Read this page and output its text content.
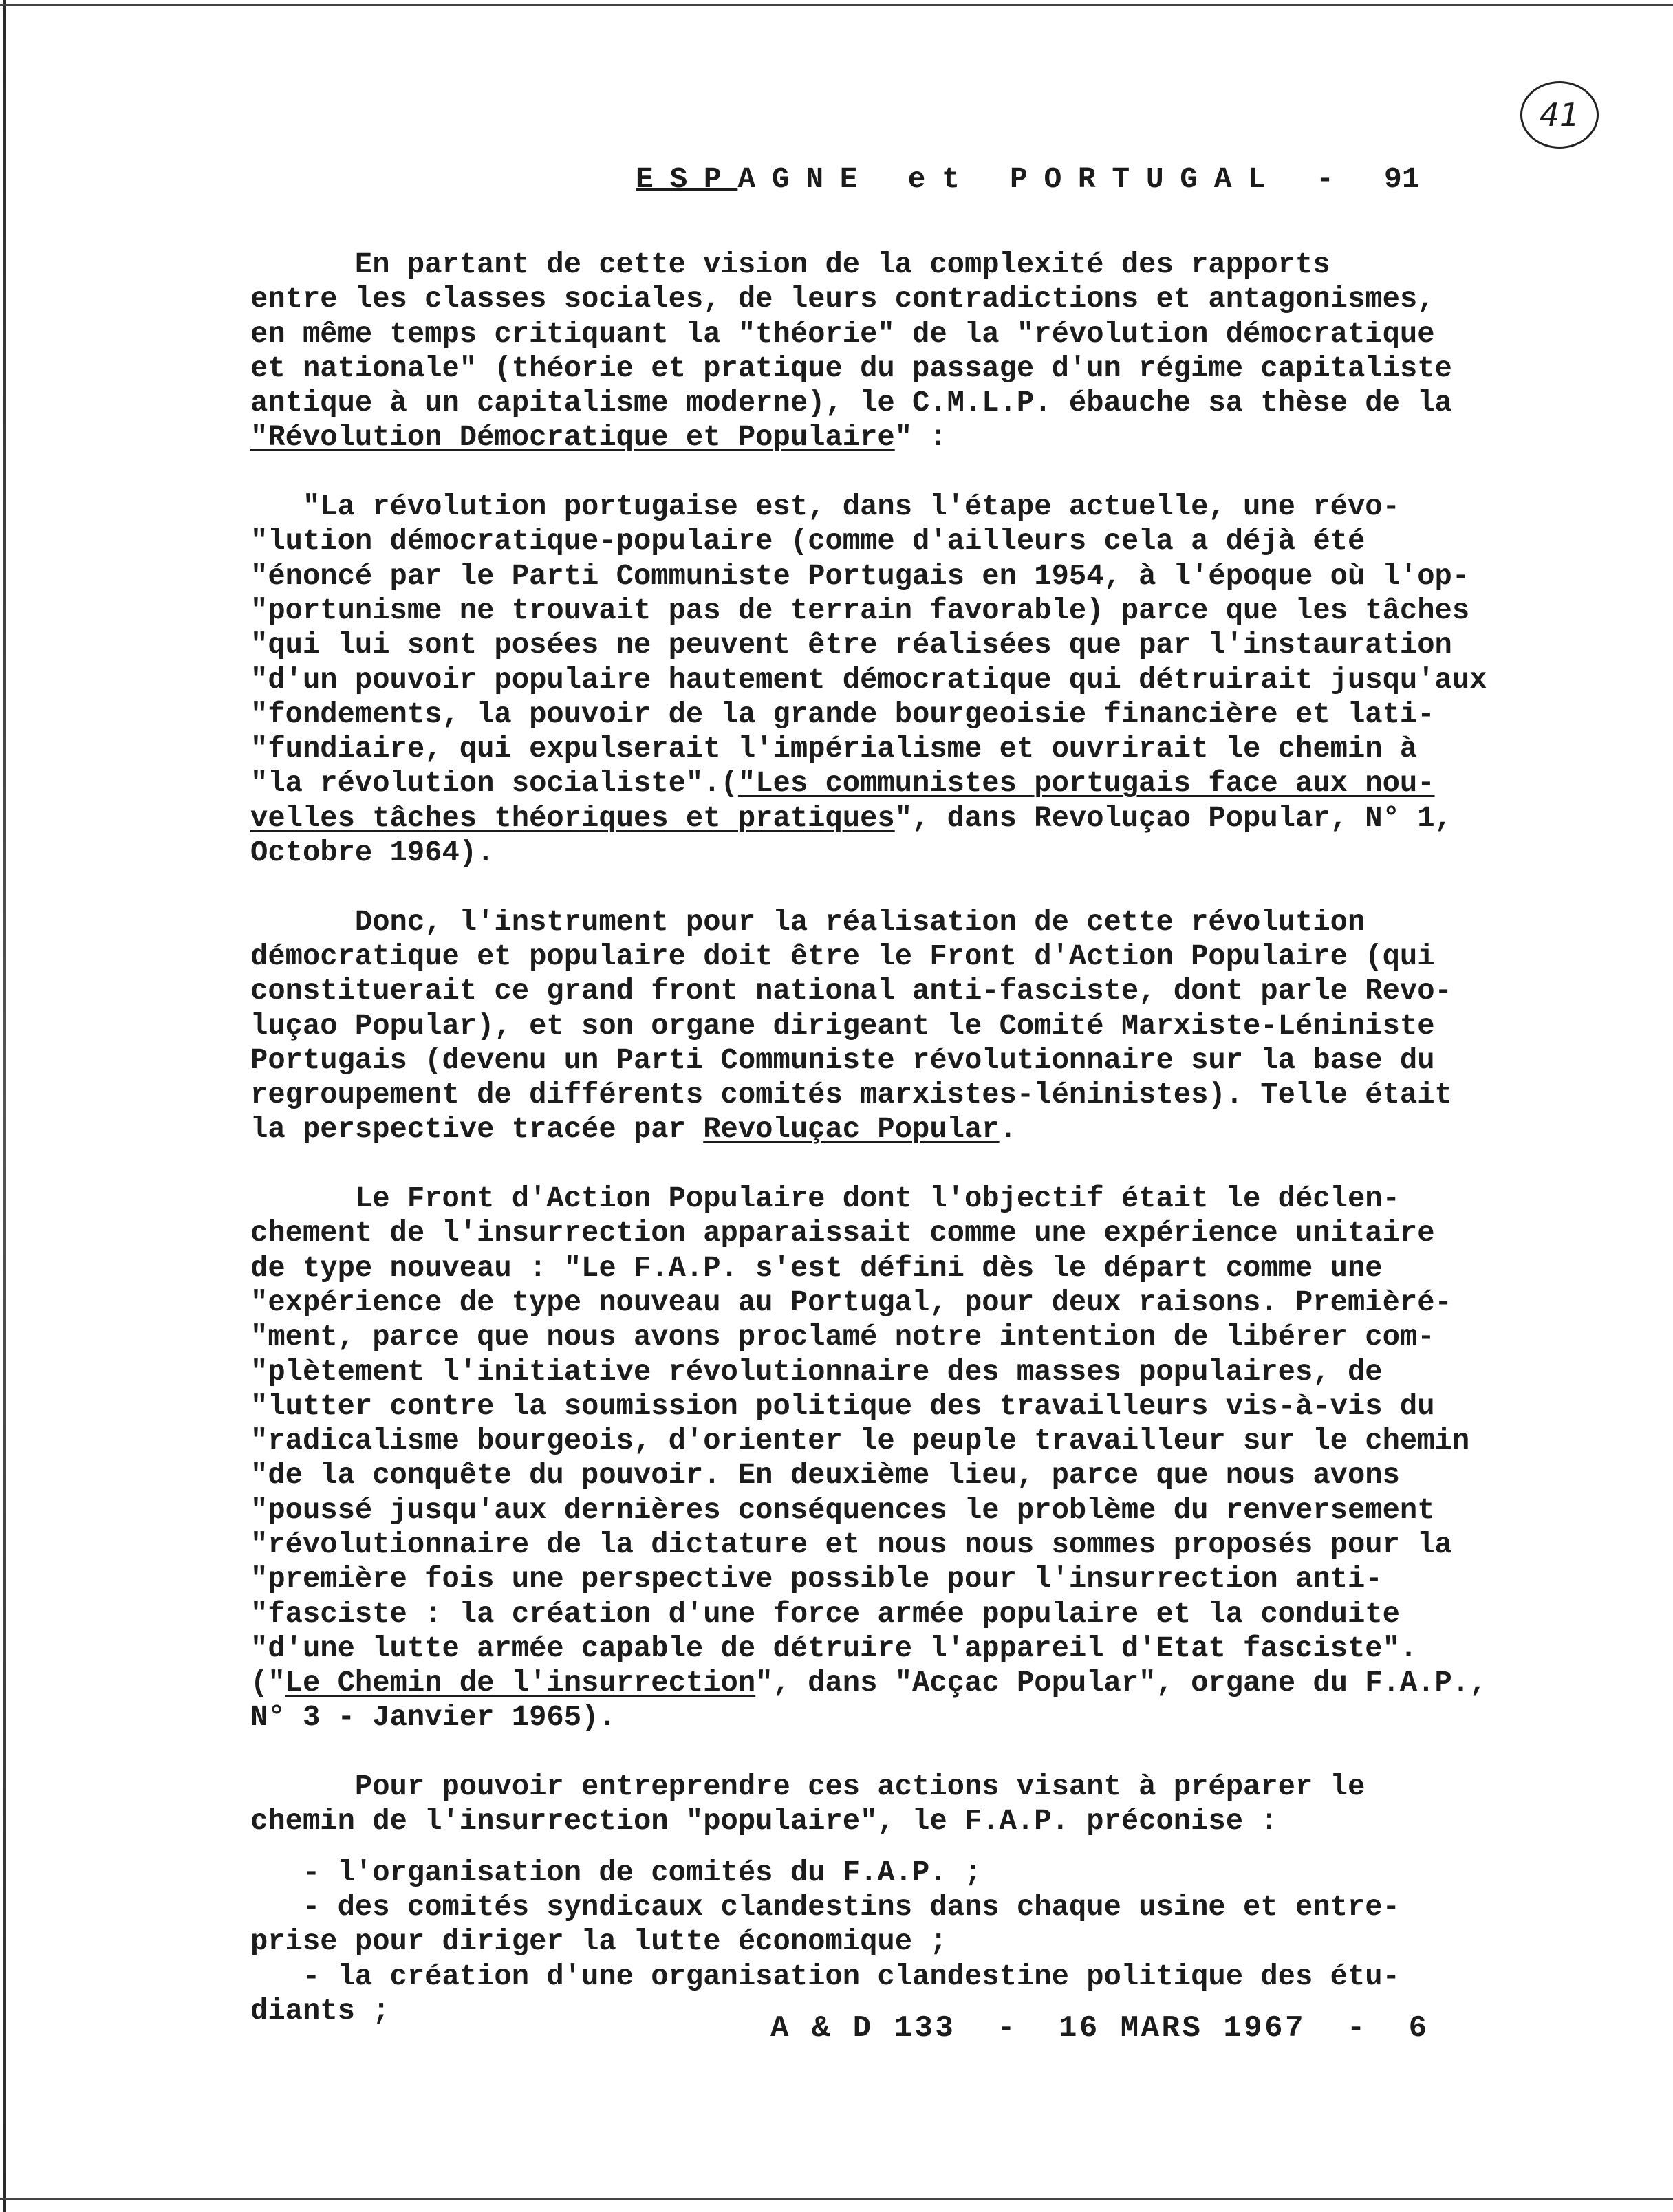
41
ESPAGNE et PORTUGAL - 91
En partant de cette vision de la complexité des rapports
entre les classes sociales, de leurs contradictions et antagonismes,
en même temps critiquant la "théorie" de la "révolution démocratique
et nationale" (théorie et pratique du passage d'un régime capitaliste
antique à un capitalisme moderne), le C.M.L.P. ébauche sa thèse de la
"Révolution Démocratique et Populaire" :
"La révolution portugaise est, dans l'étape actuelle, une révo-
"lution démocratique-populaire (comme d'ailleurs cela a déjà été
"énoncé par le Parti Communiste Portugais en 1954, à l'époque où l'op-
"portunisme ne trouvait pas de terrain favorable) parce que les tâches
"qui lui sont posées ne peuvent être réalisées que par l'instauration
"d'un pouvoir populaire hautement démocratique qui détruirait jusqu'aux
"fondements, la pouvoir de la grande bourgeoisie financière et lati-
"fundiaire, qui expulserait l'impérialisme et ouvrirait le chemin à
"la révolution socialiste".("Les communistes portugais face aux nou-
velles tâches théoriques et pratiques", dans Revoluçao Popular, N° 1,
Octobre 1964).
Donc, l'instrument pour la réalisation de cette révolution
démocratique et populaire doit être le Front d'Action Populaire (qui
constituerait ce grand front national anti-fasciste, dont parle Revo-
luçao Popular), et son organe dirigeant le Comité Marxiste-Léniniste
Portugais (devenu un Parti Communiste révolutionnaire sur la base du
regroupement de différents comités marxistes-léninistes). Telle était
la perspective tracée par Revoluçac Popular.
Le Front d'Action Populaire dont l'objectif était le déclen-
chement de l'insurrection apparaissait comme une expérience unitaire
de type nouveau : "Le F.A.P. s'est défini dès le départ comme une
"expérience de type nouveau au Portugal, pour deux raisons. Premièré-
"ment, parce que nous avons proclamé notre intention de libérer com-
"plètement l'initiative révolutionnaire des masses populaires, de
"lutter contre la soumission politique des travailleurs vis-à-vis du
"radicalisme bourgeois, d'orienter le peuple travailleur sur le chemin
"de la conquête du pouvoir. En deuxième lieu, parce que nous avons
"poussé jusqu'aux dernières conséquences le problème du renversement
"révolutionnaire de la dictature et nous nous sommes proposés pour la
"première fois une perspective possible pour l'insurrection anti-
"fasciste : la création d'une force armée populaire et la conduite
"d'une lutte armée capable de détruire l'appareil d'Etat fasciste".
("Le Chemin de l'insurrection", dans "Acçac Popular", organe du F.A.P.,
N° 3 - Janvier 1965).
Pour pouvoir entreprendre ces actions visant à préparer le
chemin de l'insurrection "populaire", le F.A.P. préconise :
- l'organisation de comités du F.A.P. ;
- des comités syndicaux clandestins dans chaque usine et entre-
prise pour diriger la lutte économique ;
- la création d'une organisation clandestine politique des étu-
diants ;
A & D 133  -  16 MARS 1967  -  6
